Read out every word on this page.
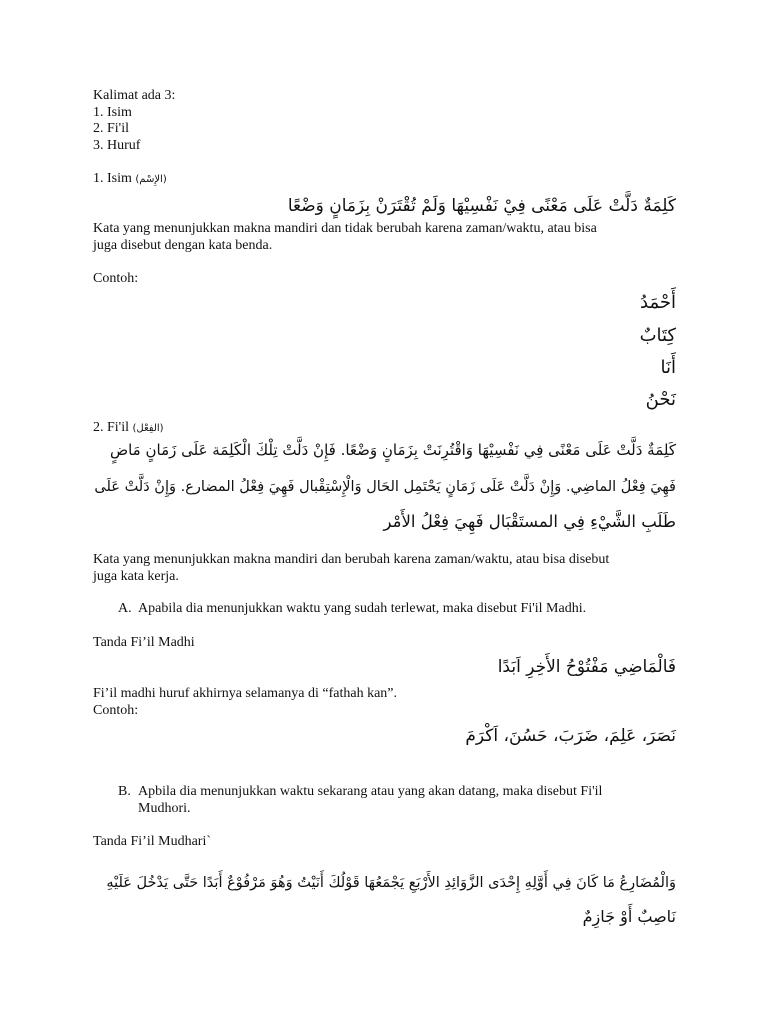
Kalimat ada 3:
1. Isim
2. Fi'il
3. Huruf
1. Isim (الإِسْم)
كَلِمَةٌ دَلَّتْ عَلَى مَعْنًى فِيْ نَفْسِيْهَا وَلَمْ تُقْتَرَنْ بِزَمَانٍ وَضْعًا
Kata yang menunjukkan makna mandiri dan tidak berubah karena zaman/waktu, atau bisa
juga disebut dengan kata benda.
Contoh:
أَحْمَدُ
كِتَابٌ
أَنَا
نَحْنُ
2. Fi'il (الفِعْل)
كَلِمَةٌ دَلَّتْ عَلَى مَعْنًى فِي نَفْسِيْهَا وَاقْتُرِنَتْ بِزَمَانٍ وَضْعًا. فَإِنْ دَلَّتْ تِلْكَ الْكَلِمَة عَلَى زَمَانٍ مَاضٍ
فَهِيَ فِعْلُ الماضِي. وَإِنْ دَلَّتْ عَلَى زَمَانٍ يَحْتَمِل الحَال وَالْإِسْتِقْبال فَهِيَ فِعْلُ المضارع. وَإِنْ دَلَّتْ عَلَى
طَلَبِ الشَّيْءِ فِي المستَقْبَال فَهِيَ فِعْلُ الأَمْر
Kata yang menunjukkan makna mandiri dan berubah karena zaman/waktu, atau bisa disebut
juga kata kerja.
A. Apabila dia menunjukkan waktu yang sudah terlewat, maka disebut Fi'il Madhi.
Tanda Fi’il Madhi
فَالْمَاضِي مَفْتُوْحُ الأَخِرِ اَبَدًا
Fi’il madhi huruf akhirnya selamanya di “fathah kan”.
Contoh:
نَصَرَ، عَلِمَ، ضَرَبَ، حَسُنَ، اَكْرَمَ
B. Apbila dia menunjukkan waktu sekarang atau yang akan datang, maka disebut Fi'il
Mudhori.
Tanda Fi’il Mudhari`
وَالْمُضَارِعُ مَا كَانَ فِي أَوَّلِهِ إِحْدَى الزَّوَائِدِ الأَرْبَعِ يَجْمَعُهَا قَوْلُكَ أَنَيْتُ وَهُوَ مَرْفُوْعٌ أَبَدًا حَتَّى يَدْخُلَ عَلَيْهِ
نَاصِبٌ أَوْ جَازِمٌ
